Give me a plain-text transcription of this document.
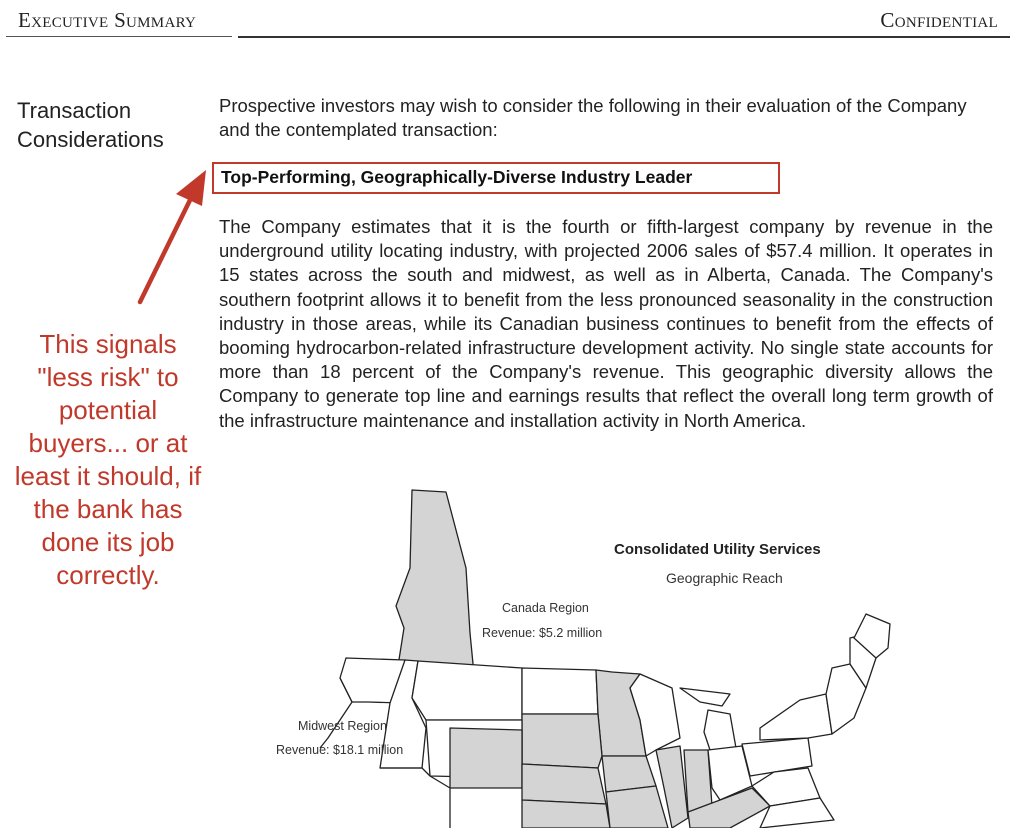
Executive Summary	Confidential
Transaction
Considerations
Prospective investors may wish to consider the following in their evaluation of the Company and the contemplated transaction:
Top-Performing, Geographically-Diverse Industry Leader

The Company estimates that it is the fourth or fifth-largest company by revenue in the underground utility locating industry, with projected 2006 sales of $57.4 million. It operates in 15 states across the south and midwest, as well as in Alberta, Canada. The Company's southern footprint allows it to benefit from the less pronounced seasonality in the construction industry in those areas, while its Canadian business continues to benefit from the effects of booming hydrocarbon-related infrastructure development activity. No single state accounts for more than 18 percent of the Company's revenue. This geographic diversity allows the Company to generate top line and earnings results that reflect the overall long term growth of the infrastructure maintenance and installation activity in North America.

This signals "less risk" to potential buyers... or at least it should, if the bank has done its job correctly.
Consolidated Utility Services
Geographic Reach
Canada Region
Revenue: $5.2 million
Midwest Region
Revenue: $18.1 million
